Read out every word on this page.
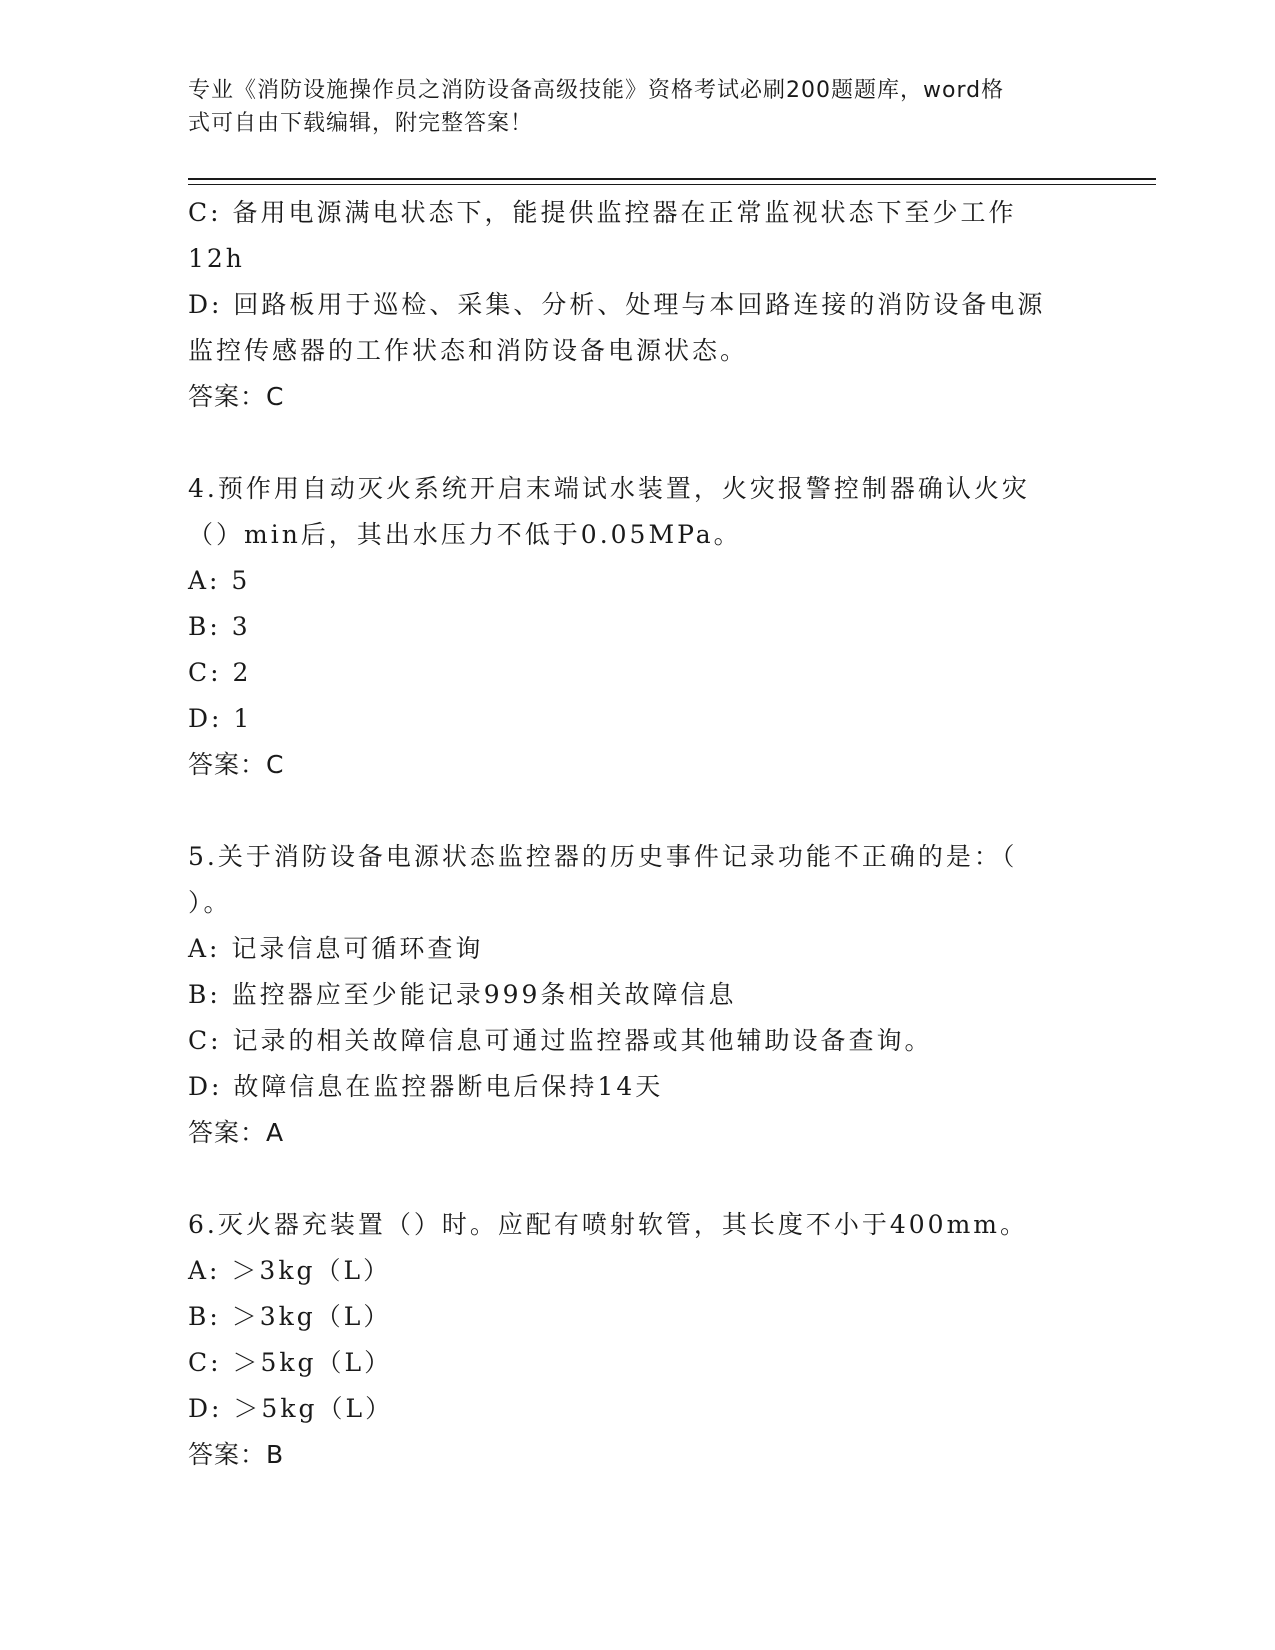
专业《消防设施操作员之消防设备高级技能》资格考试必刷200题题库，word格
式可自由下载编辑，附完整答案！
C: 备用电源满电状态下，能提供监控器在正常监视状态下至少工作
12h
D: 回路板用于巡检、采集、分析、处理与本回路连接的消防设备电源
监控传感器的工作状态和消防设备电源状态。
答案：C
4.预作用自动灭火系统开启末端试水装置，火灾报警控制器确认火灾
（）min后，其出水压力不低于0.05MPa。
A: 5
B: 3
C: 2
D: 1
答案：C
5.关于消防设备电源状态监控器的历史事件记录功能不正确的是：（
）。
A: 记录信息可循环查询
B: 监控器应至少能记录999条相关故障信息
C: 记录的相关故障信息可通过监控器或其他辅助设备查询。
D: 故障信息在监控器断电后保持14天
答案：A
6.灭火器充装置（）时。应配有喷射软管，其长度不小于400mm。
A: ＞3kg（L）
B: ＞3kg（L）
C: ＞5kg（L）
D: ＞5kg（L）
答案：B
